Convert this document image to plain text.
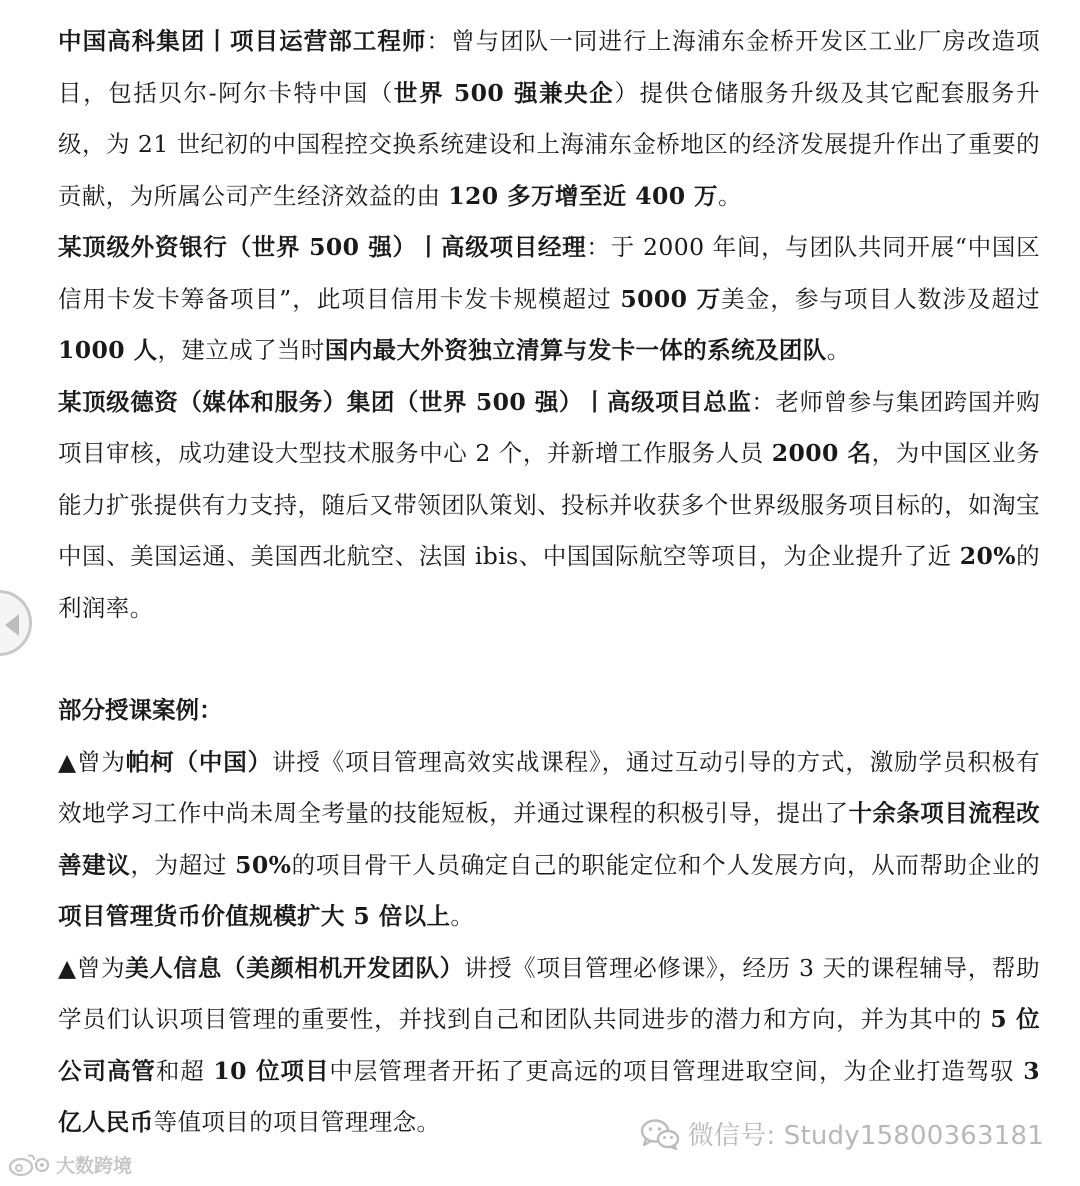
中国高科集团丨项目运营部工程师：曾与团队一同进行上海浦东金桥开发区工业厂房改造项目，包括贝尔-阿尔卡特中国（世界 500 强兼央企）提供仓储服务升级及其它配套服务升级，为 21 世纪初的中国程控交换系统建设和上海浦东金桥地区的经济发展提升作出了重要的贡献，为所属公司产生经济效益的由 120 多万增至近 400 万。

某顶级外资银行（世界 500 强）丨高级项目经理：于 2000 年间，与团队共同开展“中国区信用卡发卡筹备项目”，此项目信用卡发卡规模超过 5000 万美金，参与项目人数涉及超过 1000 人，建立成了当时国内最大外资独立清算与发卡一体的系统及团队。

某顶级德资（媒体和服务）集团（世界 500 强）丨高级项目总监：老师曾参与集团跨国并购项目审核，成功建设大型技术服务中心 2 个，并新增工作服务人员 2000 名，为中国区业务能力扩张提供有力支持，随后又带领团队策划、投标并收获多个世界级服务项目标的，如淘宝中国、美国运通、美国西北航空、法国 ibis、中国国际航空等项目，为企业提升了近 20%的利润率。

部分授课案例：

▲曾为帕柯（中国）讲授《项目管理高效实战课程》，通过互动引导的方式，激励学员积极有效地学习工作中尚未周全考量的技能短板，并通过课程的积极引导，提出了十余条项目流程改善建议，为超过 50%的项目骨干人员确定自己的职能定位和个人发展方向，从而帮助企业的项目管理货币价值规模扩大 5 倍以上。

▲曾为美人信息（美颜相机开发团队）讲授《项目管理必修课》，经历 3 天的课程辅导，帮助学员们认识项目管理的重要性，并找到自己和团队共同进步的潜力和方向，并为其中的 5 位公司高管和超 10 位项目中层管理者开拓了更高远的项目管理进取空间，为企业打造驾驭 3 亿人民币等值项目的项目管理理念。	微信号: Study15800363181
大数跨境
